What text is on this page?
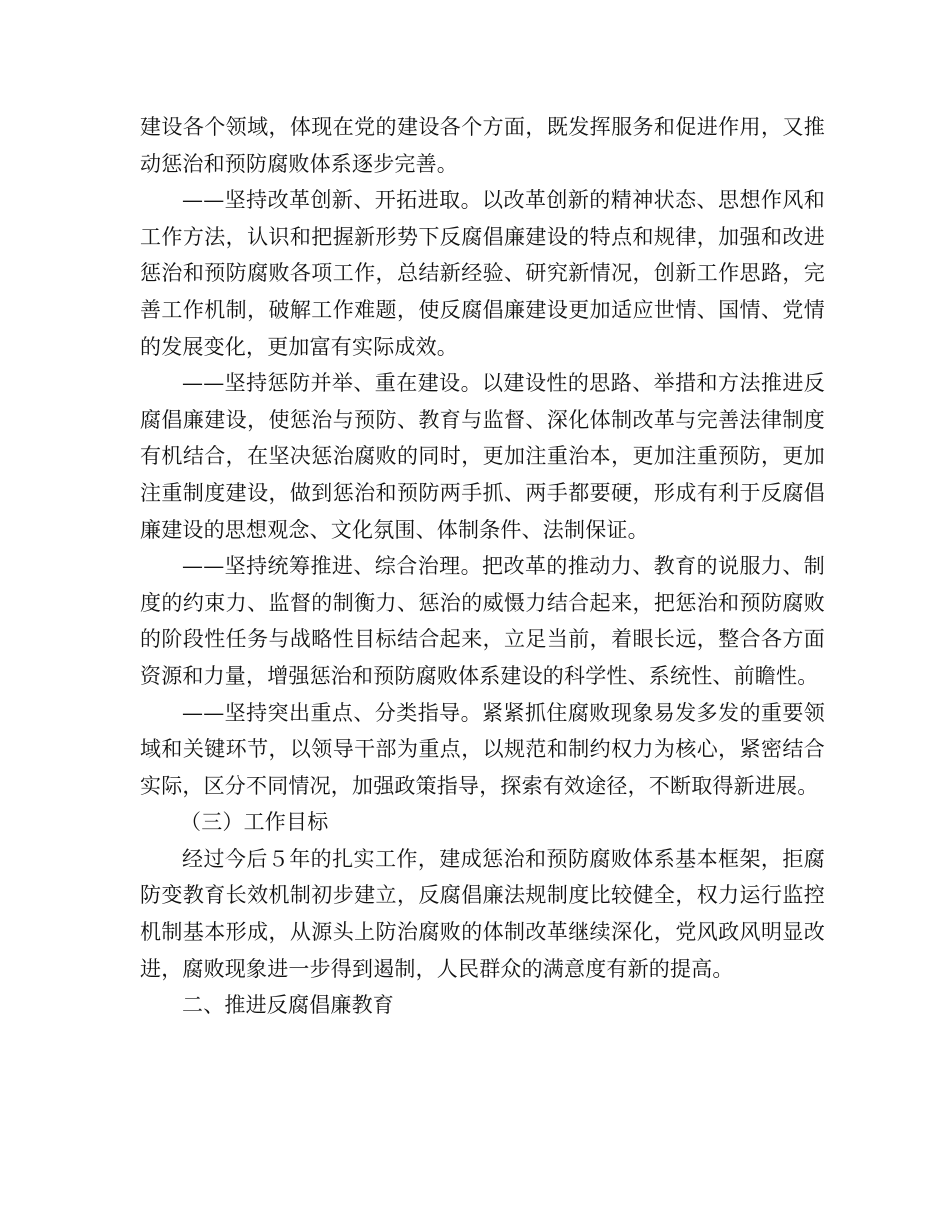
建设各个领域，体现在党的建设各个方面，既发挥服务和促进作用，又推动惩治和预防腐败体系逐步完善。

——坚持改革创新、开拓进取。以改革创新的精神状态、思想作风和工作方法，认识和把握新形势下反腐倡廉建设的特点和规律，加强和改进惩治和预防腐败各项工作，总结新经验、研究新情况，创新工作思路，完善工作机制，破解工作难题，使反腐倡廉建设更加适应世情、国情、党情的发展变化，更加富有实际成效。

——坚持惩防并举、重在建设。以建设性的思路、举措和方法推进反腐倡廉建设，使惩治与预防、教育与监督、深化体制改革与完善法律制度有机结合，在坚决惩治腐败的同时，更加注重治本，更加注重预防，更加注重制度建设，做到惩治和预防两手抓、两手都要硬，形成有利于反腐倡廉建设的思想观念、文化氛围、体制条件、法制保证。

——坚持统筹推进、综合治理。把改革的推动力、教育的说服力、制度的约束力、监督的制衡力、惩治的威慑力结合起来，把惩治和预防腐败的阶段性任务与战略性目标结合起来，立足当前，着眼长远，整合各方面资源和力量，增强惩治和预防腐败体系建设的科学性、系统性、前瞻性。

——坚持突出重点、分类指导。紧紧抓住腐败现象易发多发的重要领域和关键环节，以领导干部为重点，以规范和制约权力为核心，紧密结合实际，区分不同情况，加强政策指导，探索有效途径，不断取得新进展。

（三）工作目标

经过今后５年的扎实工作，建成惩治和预防腐败体系基本框架，拒腐防变教育长效机制初步建立，反腐倡廉法规制度比较健全，权力运行监控机制基本形成，从源头上防治腐败的体制改革继续深化，党风政风明显改进，腐败现象进一步得到遏制，人民群众的满意度有新的提高。

二、推进反腐倡廉教育
